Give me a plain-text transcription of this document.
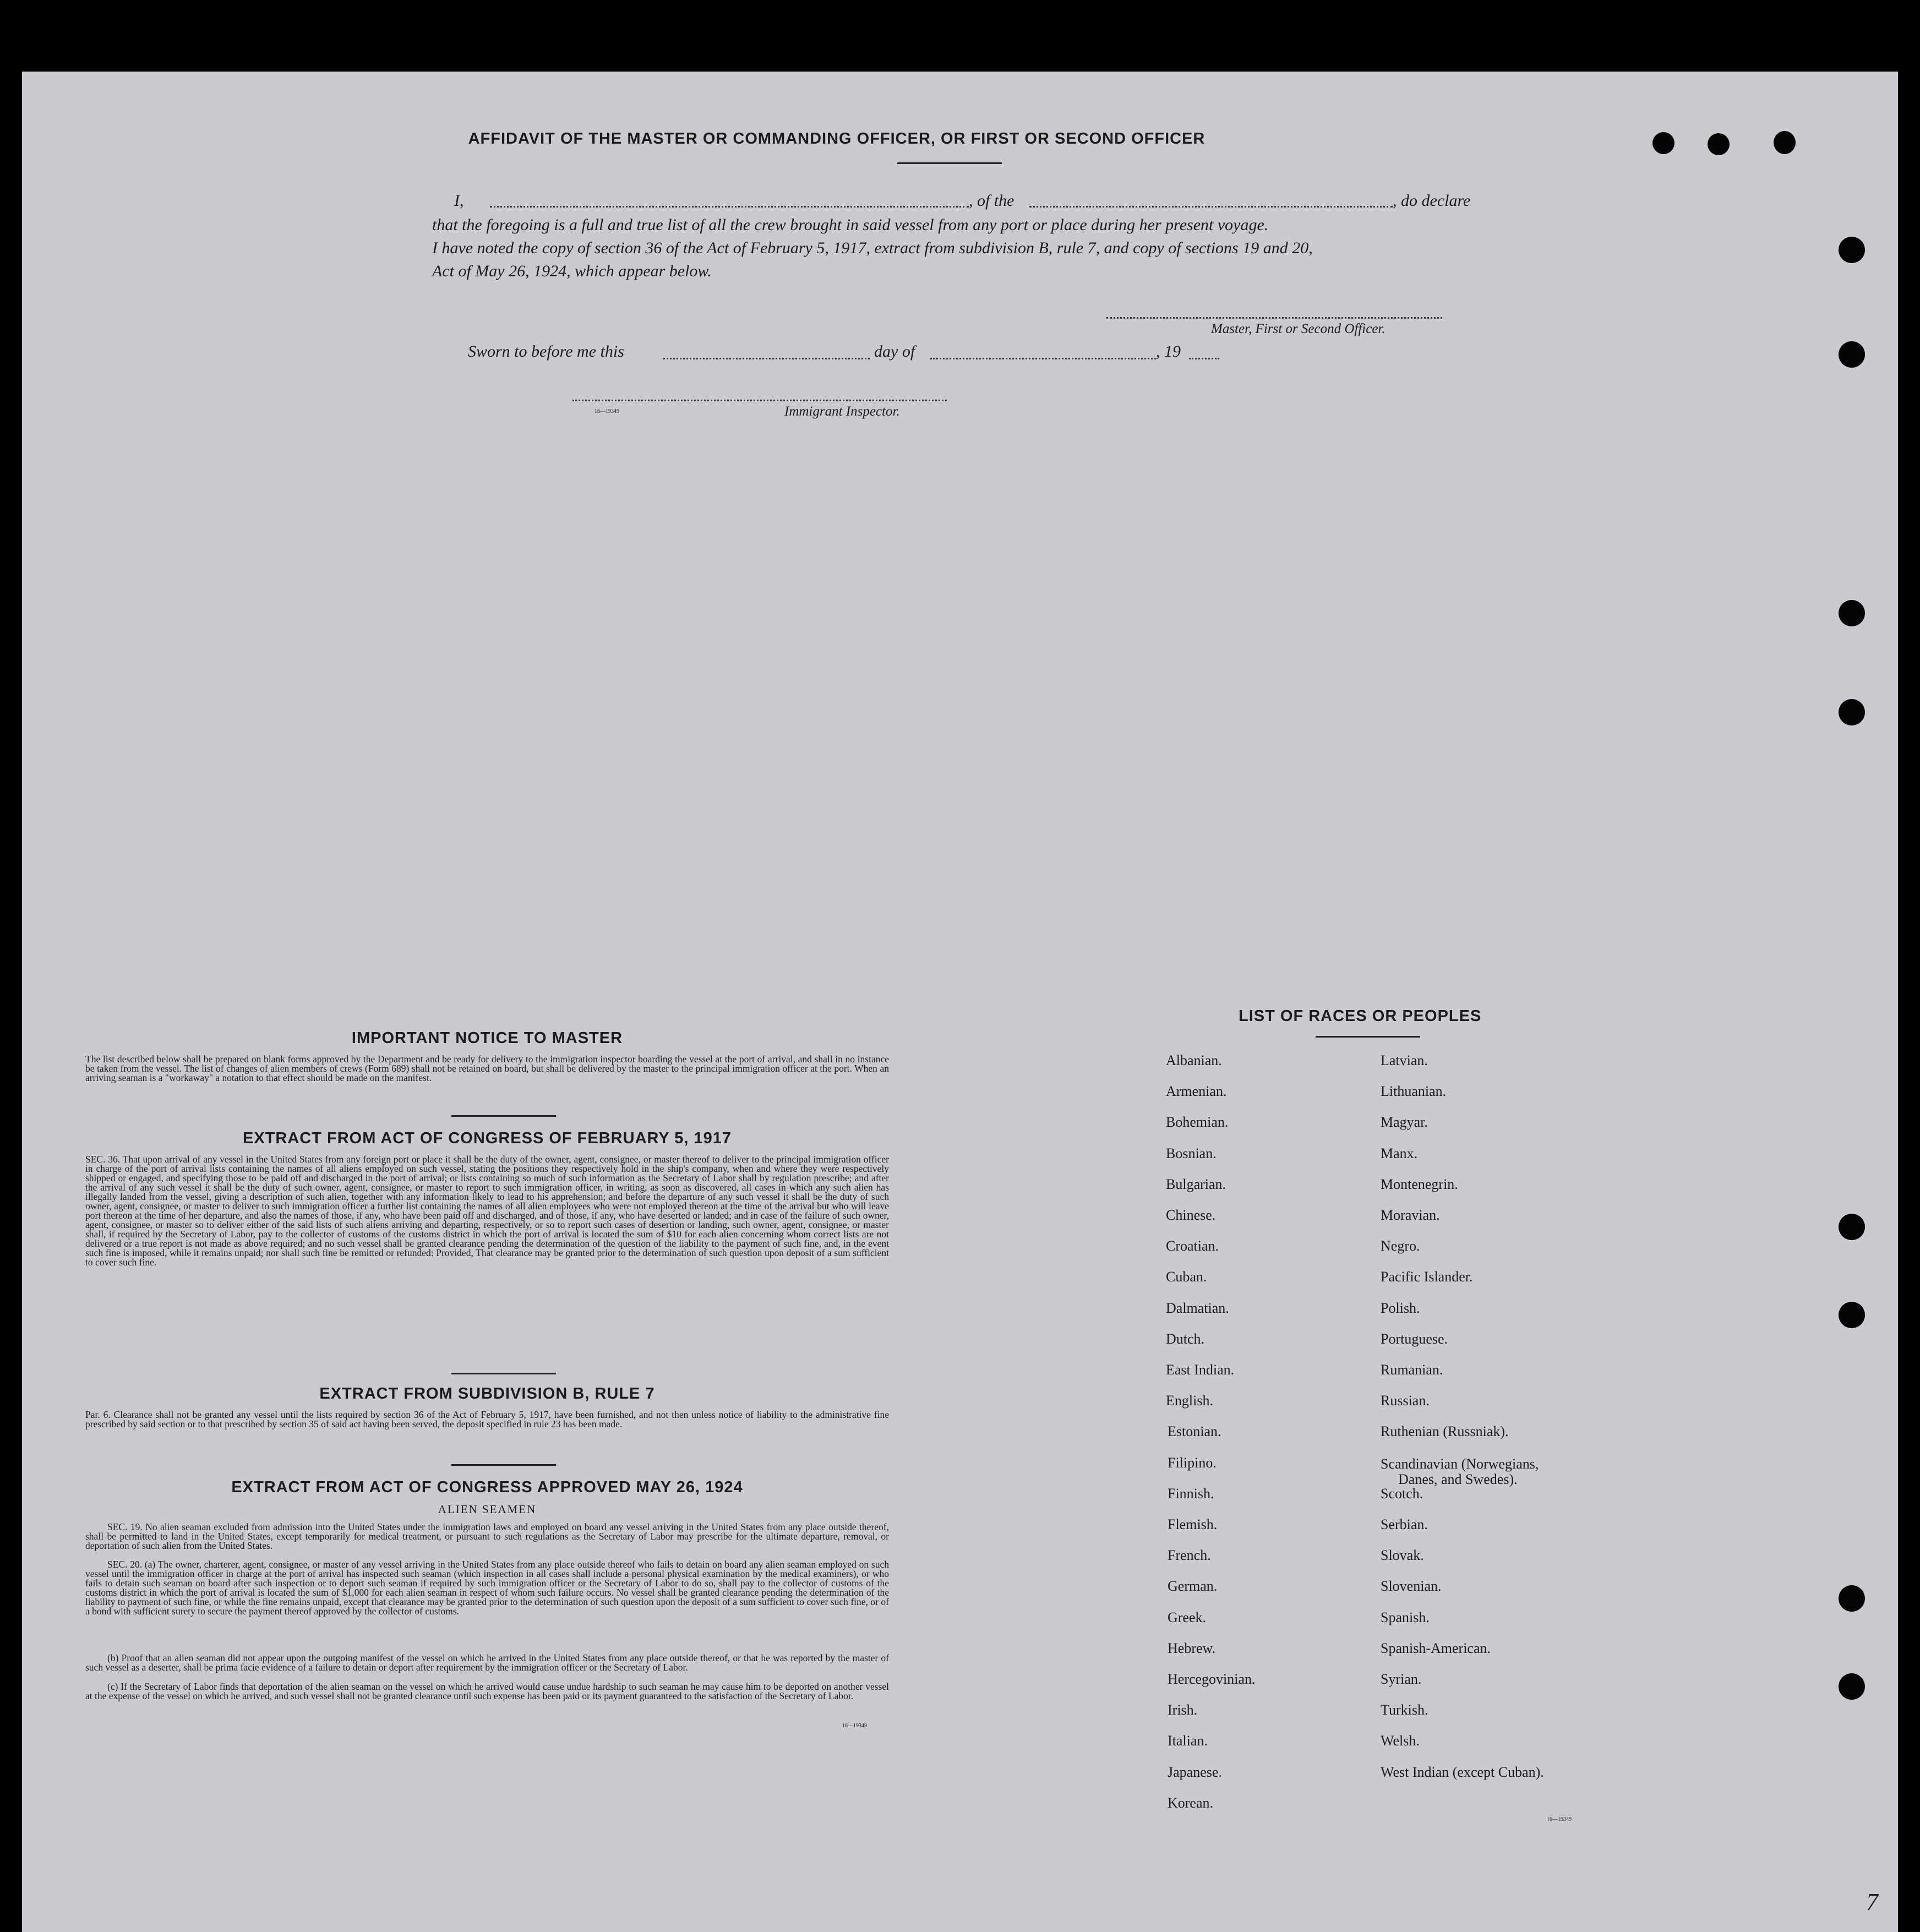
AFFIDAVIT OF THE MASTER OR COMMANDING OFFICER, OR FIRST OR SECOND OFFICER
I,	, of the	, do declare
that the foregoing is a full and true list of all the crew brought in said vessel from any port or place during her present voyage.
I have noted the copy of section 36 of the Act of February 5, 1917, extract from subdivision B, rule 7, and copy of sections 19 and 20,
Act of May 26, 1924, which appear below.
Master, First or Second Officer.
Sworn to before me this	day of	, 19
16—19349	Immigrant Inspector.
IMPORTANT NOTICE TO MASTER
The list described below shall be prepared on blank forms approved by the Department and be ready for delivery to the immigration inspector boarding the vessel at the port of arrival, and shall in no instance be taken from the vessel. The list of changes of alien members of crews (Form 689) shall not be retained on board, but shall be delivered by the master to the principal immigration officer at the port. When an arriving seaman is a "workaway" a notation to that effect should be made on the manifest.
EXTRACT FROM ACT OF CONGRESS OF FEBRUARY 5, 1917
SEC. 36. That upon arrival of any vessel in the United States from any foreign port or place it shall be the duty of the owner, agent, consignee, or master thereof to deliver to the principal immigration officer in charge of the port of arrival lists containing the names of all aliens employed on such vessel, stating the positions they respectively hold in the ship's company, when and where they were respectively shipped or engaged, and specifying those to be paid off and discharged in the port of arrival; or lists containing so much of such information as the Secretary of Labor shall by regulation prescribe; and after the arrival of any such vessel it shall be the duty of such owner, agent, consignee, or master to report to such immigration officer, in writing, as soon as discovered, all cases in which any such alien has illegally landed from the vessel, giving a description of such alien, together with any information likely to lead to his apprehension; and before the departure of any such vessel it shall be the duty of such owner, agent, consignee, or master to deliver to such immigration officer a further list containing the names of all alien employees who were not employed thereon at the time of the arrival but who will leave port thereon at the time of her departure, and also the names of those, if any, who have been paid off and discharged, and of those, if any, who have deserted or landed; and in case of the failure of such owner, agent, consignee, or master so to deliver either of the said lists of such aliens arriving and departing, respectively, or so to report such cases of desertion or landing, such owner, agent, consignee, or master shall, if required by the Secretary of Labor, pay to the collector of customs of the customs district in which the port of arrival is located the sum of $10 for each alien concerning whom correct lists are not delivered or a true report is not made as above required; and no such vessel shall be granted clearance pending the determination of the question of the liability to the payment of such fine, and, in the event such fine is imposed, while it remains unpaid; nor shall such fine be remitted or refunded: Provided, That clearance may be granted prior to the determination of such question upon deposit of a sum sufficient to cover such fine.
EXTRACT FROM SUBDIVISION B, RULE 7
Par. 6. Clearance shall not be granted any vessel until the lists required by section 36 of the Act of February 5, 1917, have been furnished, and not then unless notice of liability to the administrative fine prescribed by said section or to that prescribed by section 35 of said act having been served, the deposit specified in rule 23 has been made.
EXTRACT FROM ACT OF CONGRESS APPROVED MAY 26, 1924
ALIEN SEAMEN
SEC. 19. No alien seaman excluded from admission into the United States under the immigration laws and employed on board any vessel arriving in the United States from any place outside thereof, shall be permitted to land in the United States, except temporarily for medical treatment, or pursuant to such regulations as the Secretary of Labor may prescribe for the ultimate departure, removal, or deportation of such alien from the United States.
SEC. 20. (a) The owner, charterer, agent, consignee, or master of any vessel arriving in the United States from any place outside thereof who fails to detain on board any alien seaman employed on such vessel until the immigration officer in charge at the port of arrival has inspected such seaman (which inspection in all cases shall include a personal physical examination by the medical examiners), or who fails to detain such seaman on board after such inspection or to deport such seaman if required by such immigration officer or the Secretary of Labor to do so, shall pay to the collector of customs of the customs district in which the port of arrival is located the sum of $1,000 for each alien seaman in respect of whom such failure occurs. No vessel shall be granted clearance pending the determination of the liability to payment of such fine, or while the fine remains unpaid, except that clearance may be granted prior to the determination of such question upon the deposit of a sum sufficient to cover such fine, or of a bond with sufficient surety to secure the payment thereof approved by the collector of customs.
(b) Proof that an alien seaman did not appear upon the outgoing manifest of the vessel on which he arrived in the United States from any place outside thereof, or that he was reported by the master of such vessel as a deserter, shall be prima facie evidence of a failure to detain or deport after requirement by the immigration officer or the Secretary of Labor.
(c) If the Secretary of Labor finds that deportation of the alien seaman on the vessel on which he arrived would cause undue hardship to such seaman he may cause him to be deported on another vessel at the expense of the vessel on which he arrived, and such vessel shall not be granted clearance until such expense has been paid or its payment guaranteed to the satisfaction of the Secretary of Labor.
16—19349
LIST OF RACES OR PEOPLES
16—19349
7
Albanian.
Armenian.
Bohemian.
Bosnian.
Bulgarian.
Chinese.
Croatian.
Cuban.
Dalmatian.
Dutch.
East Indian.
English.
Estonian.
Filipino.
Finnish.
Flemish.
French.
German.
Greek.
Hebrew.
Hercegovinian.
Irish.
Italian.
Japanese.
Korean.
Latvian.
Lithuanian.
Magyar.
Manx.
Montenegrin.
Moravian.
Negro.
Pacific Islander.
Polish.
Portuguese.
Rumanian.
Russian.
Ruthenian (Russniak).
Scandinavian (Norwegians,
Danes, and Swedes).
Scotch.
Serbian.
Slovak.
Slovenian.
Spanish.
Spanish-American.
Syrian.
Turkish.
Welsh.
West Indian (except Cuban).
